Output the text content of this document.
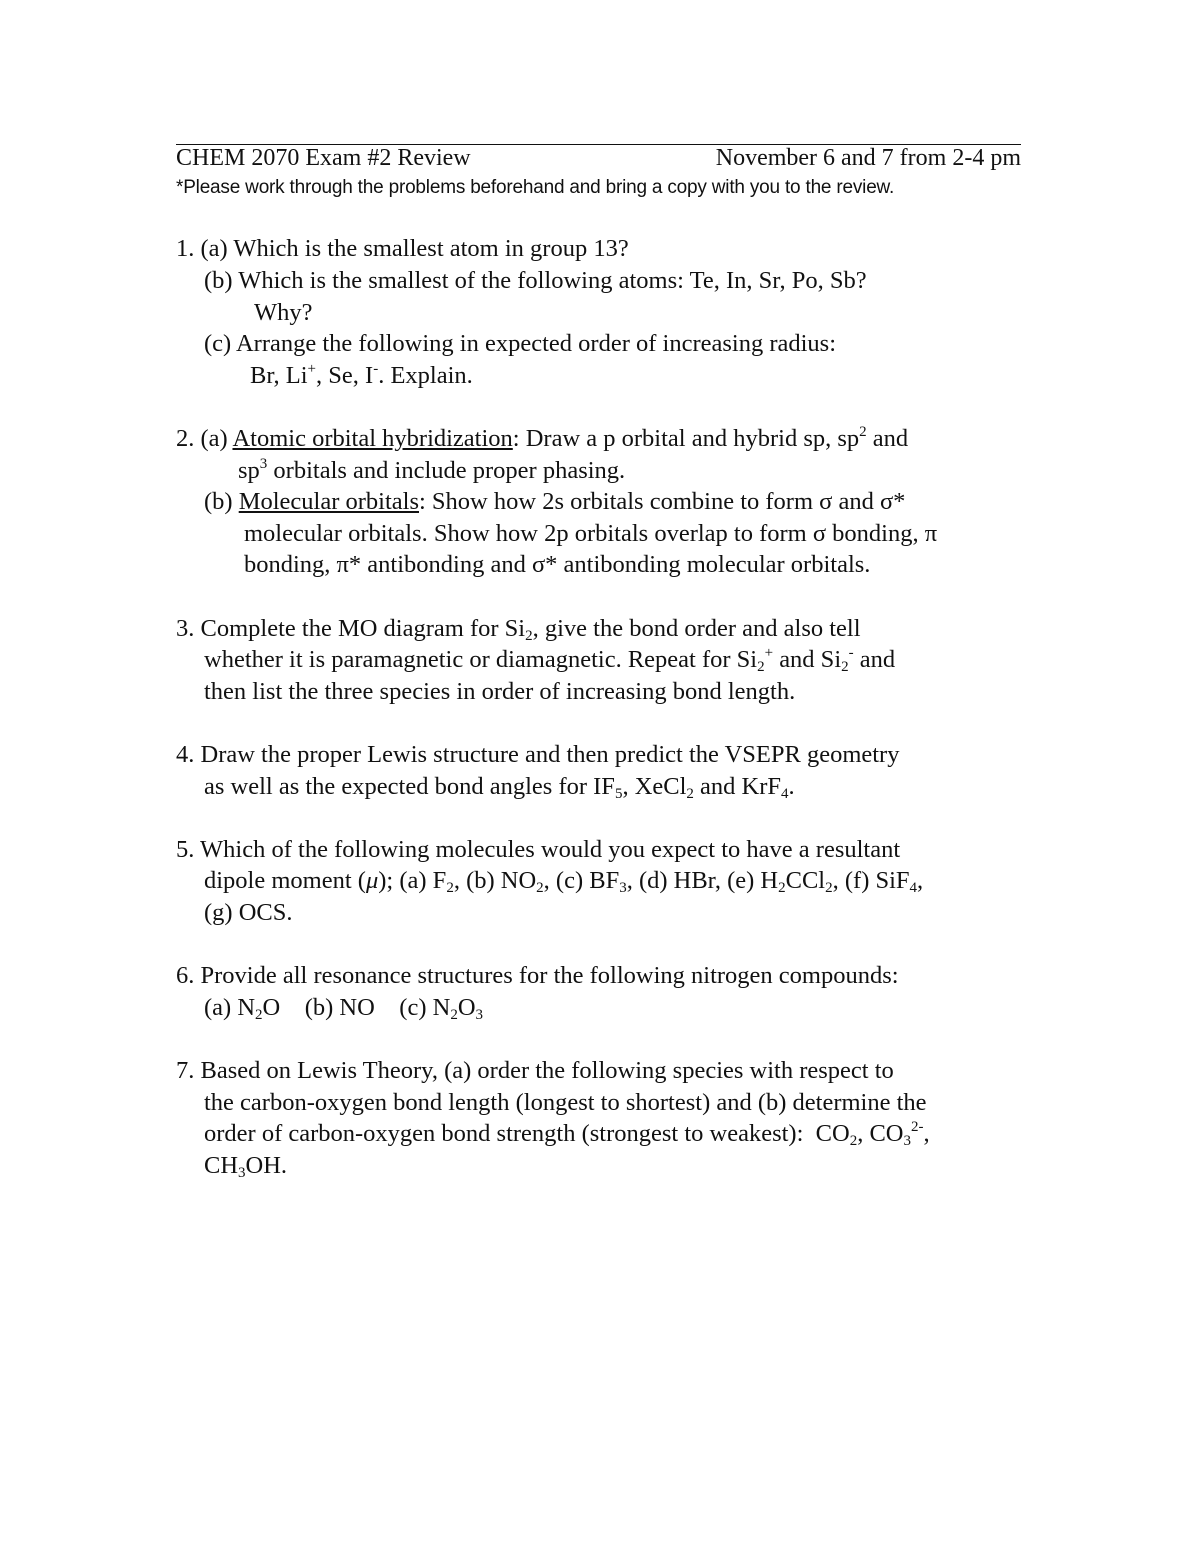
CHEM 2070 Exam #2 Review	November 6 and 7 from 2-4 pm
*Please work through the problems beforehand and bring a copy with you to the review.
1. (a) Which is the smallest atom in group 13?
(b) Which is the smallest of the following atoms: Te, In, Sr, Po, Sb?
Why?
(c) Arrange the following in expected order of increasing radius:
Br, Li+, Se, I-. Explain.
2. (a) Atomic orbital hybridization: Draw a p orbital and hybrid sp, $sp^2$ and
$sp^3$ orbitals and include proper phasing.
(b) Molecular orbitals: Show how 2s orbitals combine to form σ and σ*
molecular orbitals. Show how 2p orbitals overlap to form σ bonding, π
bonding, π* antibonding and σ* antibonding molecular orbitals.
3. Complete the MO diagram for $Si_2$, give the bond order and also tell
whether it is paramagnetic or diamagnetic. Repeat for $Si_2^+$ and $Si_2^-$ and
then list the three species in order of increasing bond length.
4. Draw the proper Lewis structure and then predict the VSEPR geometry
as well as the expected bond angles for $IF_5$, XeCl$_2$ and KrF$_4$.
5. Which of the following molecules would you expect to have a resultant
dipole moment (μ); (a) $F_2$, (b) $NO_2$, (c) $BF_3$, (d) HBr, (e) $H_2CCl_2$, (f) SiF$_4$,
(g) OCS.
6. Provide all resonance structures for the following nitrogen compounds:
(a) $N_2O$    (b) NO    (c) $N_2O_3$
7. Based on Lewis Theory, (a) order the following species with respect to
the carbon-oxygen bond length (longest to shortest) and (b) determine the
order of carbon-oxygen bond strength (strongest to weakest):  $CO_2$, $CO_3^{2-}$,
$CH_3OH$.
